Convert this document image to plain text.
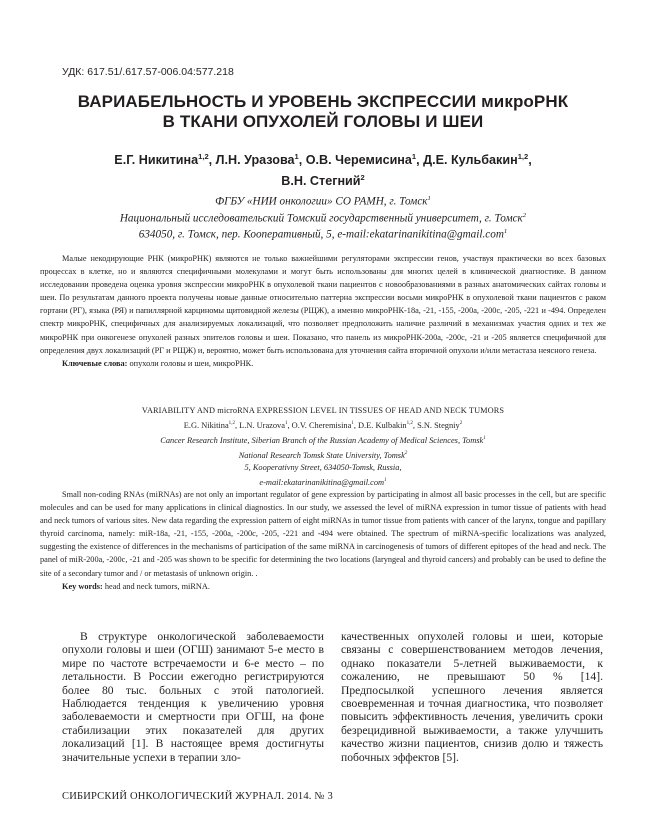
УДК: 617.51/.617.57-006.04:577.218
ВАРИАБЕЛЬНОСТЬ И УРОВЕНЬ ЭКСПРЕССИИ микроРНК
В ТКАНИ ОПУХОЛЕЙ ГОЛОВЫ И ШЕИ
Е.Г. Никитина$^{1,2}$, Л.Н. Уразова$^1$, О.В. Черемисина$^1$, Д.Е. Кульбакин$^{1,2}$,
В.Н. Стегний$^2$
ФГБУ «НИИ онкологии» СО РАМН, г. Томск$^1$
Национальный исследовательский Томский государственный университет, г. Томск$^2$
634050, г. Томск, пер. Кооперативный, 5, e-mail:ekatarinanikitina@gmail.com$^1$

Малые некодирующие РНК (микроРНК) являются не только важнейшими регуляторами экспрессии генов, участвуя практически во всех базовых процессах в клетке, но и являются специфичными молекулами и могут быть использованы для многих целей в клинической диагностике. В данном исследовании проведена оценка уровня экспрессии микроРНК в опухолевой ткани пациентов с новообразованиями в разных анатомических сайтах головы и шеи. По результатам данного проекта получены новые данные относительно паттерна экспрессии восьми микроРНК в опухолевой ткани пациентов с раком гортани (РГ), языка (РЯ) и папиллярной карциномы щитовидной железы (РЩЖ), а именно микроРНК-18а, -21, -155, -200а, -200с, -205, -221 и -494. Определен спектр микроРНК, специфичных для анализируемых локализаций, что позволяет предположить наличие различий в механизмах участия одних и тех же микроРНК при онкогенезе опухолей разных эпителов головы и шеи. Показано, что панель из микроРНК-200а, -200с, -21 и -205 является специфичной для определения двух локализаций (РГ и РЩЖ) и, вероятно, может быть использована для уточнения сайта вторичной опухоли и/или метастаза неясного генеза.

Ключевые слова: опухоли головы и шеи, микроРНК.
VARIABILITY AND microRNA EXPRESSION LEVEL IN TISSUES OF HEAD AND NECK TUMORS
E.G. Nikitina$^{1,2}$, L.N. Urazova$^1$, O.V. Cheremisina$^1$, D.E. Kulbakin$^{1,2}$, S.N. Stegniy$^2$
Cancer Research Institute, Siberian Branch of the Russian Academy of Medical Sciences, Tomsk$^1$
National Research Tomsk State University, Tomsk$^2$
5, Kooperativny Street, 634050-Tomsk, Russia,
e-mail:ekatarinanikitina@gmail.com$^1$

Small non-coding RNAs (miRNAs) are not only an important regulator of gene expression by participating in almost all basic processes in the cell, but are specific molecules and can be used for many applications in clinical diagnostics. In our study, we assessed the level of miRNA expression in tumor tissue of patients with head and neck tumors of various sites. New data regarding the expression pattern of eight miRNAs in tumor tissue from patients with cancer of the larynx, tongue and papillary thyroid carcinoma, namely: miR-18a, -21, -155, -200a, -200c, -205, -221 and -494 were obtained. The spectrum of miRNA-specific localizations was analyzed, suggesting the existence of differences in the mechanisms of participation of the same miRNA in carcinogenesis of tumors of different epitopes of the head and neck. The panel of miR-200a, -200c, -21 and -205 was shown to be specific for determining the two locations (laryngeal and thyroid cancers) and probably can be used to define the site of a secondary tumor and / or metastasis of unknown origin. .

Key words: head and neck tumors, miRNA.

В структуре онкологической заболеваемости опухоли головы и шеи (ОГШ) занимают 5-е место в мире по частоте встречаемости и 6-е место – по летальности. В России ежегодно регистрируются более 80 тыс. больных с этой патологией. Наблюдается тенденция к увеличению уровня заболеваемости и смертности при ОГШ, на фоне стабилизации этих показателей для других локализаций [1]. В настоящее время достигнуты значительные успехи в терапии зло-

качественных опухолей головы и шеи, которые связаны с совершенствованием методов лечения, однако показатели 5-летней выживаемости, к сожалению, не превышают 50 % [14]. Предпосылкой успешного лечения является своевременная и точная диагностика, что позволяет повысить эффективность лечения, увеличить сроки безрецидивной выживаемости, а также улучшить качество жизни пациентов, снизив долю и тяжесть побочных эффектов [5].

СИБИРСКИЙ ОНКОЛОГИЧЕСКИЙ ЖУРНАЛ. 2014. № 3
